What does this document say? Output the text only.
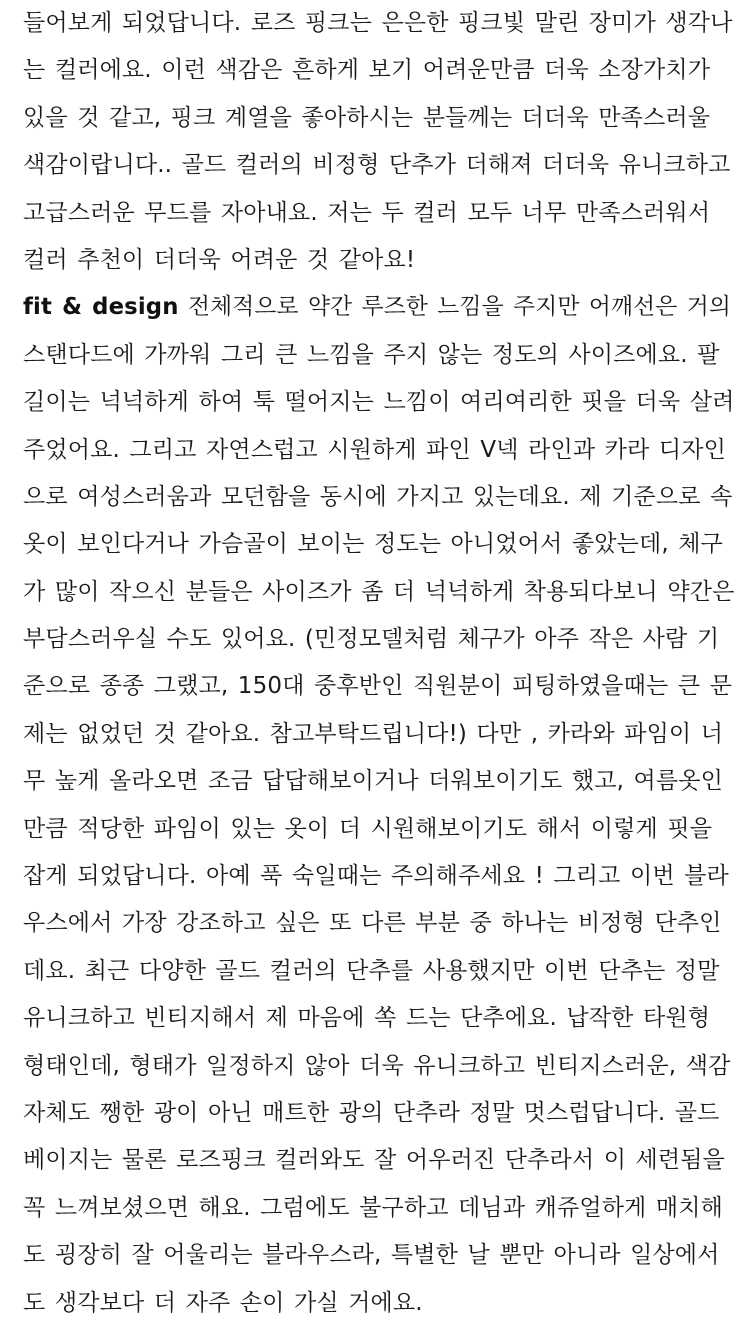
들어보게 되었답니다. 로즈 핑크는 은은한 핑크빛 말린 장미가 생각나
는 컬러에요. 이런 색감은 흔하게 보기 어려운만큼 더욱 소장가치가
있을 것 같고, 핑크 계열을 좋아하시는 분들께는 더더욱 만족스러울
색감이랍니다.. 골드 컬러의 비정형 단추가 더해져 더더욱 유니크하고
고급스러운 무드를 자아내요. 저는 두 컬러 모두 너무 만족스러워서
컬러 추천이 더더욱 어려운 것 같아요!
fit & design 전체적으로 약간 루즈한 느낌을 주지만 어깨선은 거의
스탠다드에 가까워 그리 큰 느낌을 주지 않는 정도의 사이즈에요. 팔
길이는 넉넉하게 하여 툭 떨어지는 느낌이 여리여리한 핏을 더욱 살려
주었어요. 그리고 자연스럽고 시원하게 파인 V넥 라인과 카라 디자인
으로 여성스러움과 모던함을 동시에 가지고 있는데요. 제 기준으로 속
옷이 보인다거나 가슴골이 보이는 정도는 아니었어서 좋았는데, 체구
가 많이 작으신 분들은 사이즈가 좀 더 넉넉하게 착용되다보니 약간은
부담스러우실 수도 있어요. (민정모델처럼 체구가 아주 작은 사람 기
준으로 종종 그랬고, 150대 중후반인 직원분이 피팅하였을때는 큰 문
제는 없었던 것 같아요. 참고부탁드립니다!) 다만 , 카라와 파임이 너
무 높게 올라오면 조금 답답해보이거나 더워보이기도 했고, 여름옷인
만큼 적당한 파임이 있는 옷이 더 시원해보이기도 해서 이렇게 핏을
잡게 되었답니다. 아예 푹 숙일때는 주의해주세요 ! 그리고 이번 블라
우스에서 가장 강조하고 싶은 또 다른 부분 중 하나는 비정형 단추인
데요. 최근 다양한 골드 컬러의 단추를 사용했지만 이번 단추는 정말
유니크하고 빈티지해서 제 마음에 쏙 드는 단추에요. 납작한 타원형
형태인데, 형태가 일정하지 않아 더욱 유니크하고 빈티지스러운, 색감
자체도 쨍한 광이 아닌 매트한 광의 단추라 정말 멋스럽답니다. 골드
베이지는 물론 로즈핑크 컬러와도 잘 어우러진 단추라서 이 세련됨을
꼭 느껴보셨으면 해요. 그럼에도 불구하고 데님과 캐쥬얼하게 매치해
도 굉장히 잘 어울리는 블라우스라, 특별한 날 뿐만 아니라 일상에서
도 생각보다 더 자주 손이 가실 거에요.
